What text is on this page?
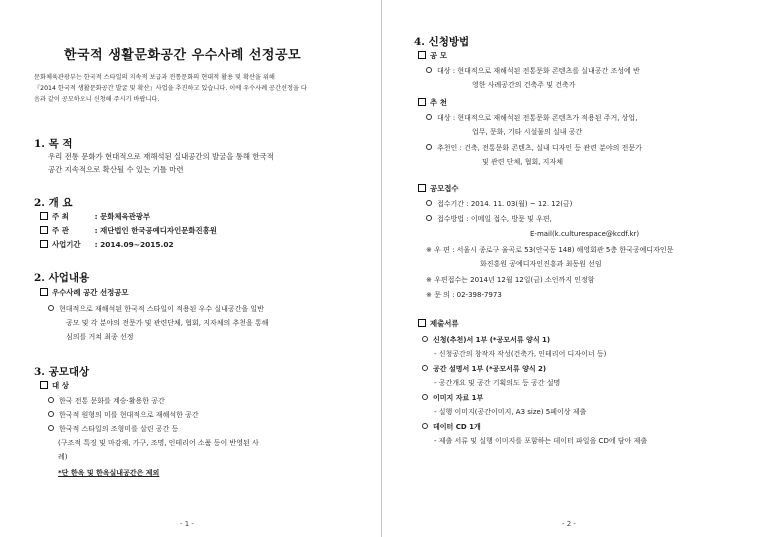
한국적 생활문화공간 우수사례 선정공모
문화체육관광부는 한국적 스타일의 지속적 보급과 전통문화의 현대적 활용 및 확산을 위해
『2014 한국적 생활문화공간 발굴 및 확산』사업을 추진하고 있습니다. 이에 우수사례 공간선정을 다
음과 같이 공모하오니 신청해 주시기 바랍니다.
1. 목 적
우리 전통 문화가 현대적으로 재해석된 실내공간의 발굴을 통해 한국적
공간 지속적으로 확산될 수 있는 기틀 마련
2. 개 요
주 최	: 문화체육관광부
주 관	: 재단법인 한국공예디자인문화진흥원
사업기간 : 2014.09~2015.02
2. 사업내용
우수사례 공간 선정공모
현대적으로 재해석된 한국적 스타일이 적용된 우수 실내공간을 일반
공모 및 각 분야의 전문가 및 관련단체, 협회, 지자체의 추천을 통해
심의를 거쳐 최종 선정
3. 공모대상
대 상
한국 전통 문화를 계승·활용한 공간
한국적 원형의 미를 현대적으로 재해석한 공간
한국적 스타일의 조형미를 살린 공간 등
(구조적 특징 및 마감재, 가구, 조명, 인테리어 소품 등이 반영된 사
례)
*단 한옥 및 한옥실내공간은 제외
- 1 -
4. 신청방법
공 모
대상 : 현대적으로 재해석된 전통문화 콘텐츠를 실내공간 조성에 반
영한 사례공간의 건축주 및 건축가
추 천
대상 : 현대적으로 재해석된 전통문화 콘텐츠가 적용된 주거, 상업,
업무, 문화, 기타 시설물의 실내 공간
추천인 : 건축, 전통문화 콘텐츠, 실내 디자인 등 관련 분야의 전문가
및 관련 단체, 협회, 지자체
공모접수
접수기간 : 2014. 11. 03(월) ~ 12. 12(금)
접수방법 : 이메일 접수, 방문 및 우편,
E-mail(k.culturespace@kcdf.kr)
※ 우 편 : 서울시 종로구 율곡로 53(안국동 148) 해영회관 5층 한국공예디자인문
화진흥원 공예디자인진흥과 최동원 선임
※ 우편접수는 2014년 12월 12일(금) 소인까지 인정함
※ 문 의 : 02-398-7973
제출서류
신청(추천)서 1부 (*공모서류 양식 1)
- 신청공간의 창작자 작성(건축가, 인테리어 디자이너 등)
공간 설명서 1부 (*공모서류 양식 2)
- 공간개요 및 공간 기획의도 등 공간 설명
이미지 자료 1부
- 실행 이미지(공간이미지, A3 size) 5페이상 제출
데이터 CD 1개
- 제출 서류 및 실행 이미지를 포함하는 데이터 파일을 CD에 담아 제출
- 2 -
